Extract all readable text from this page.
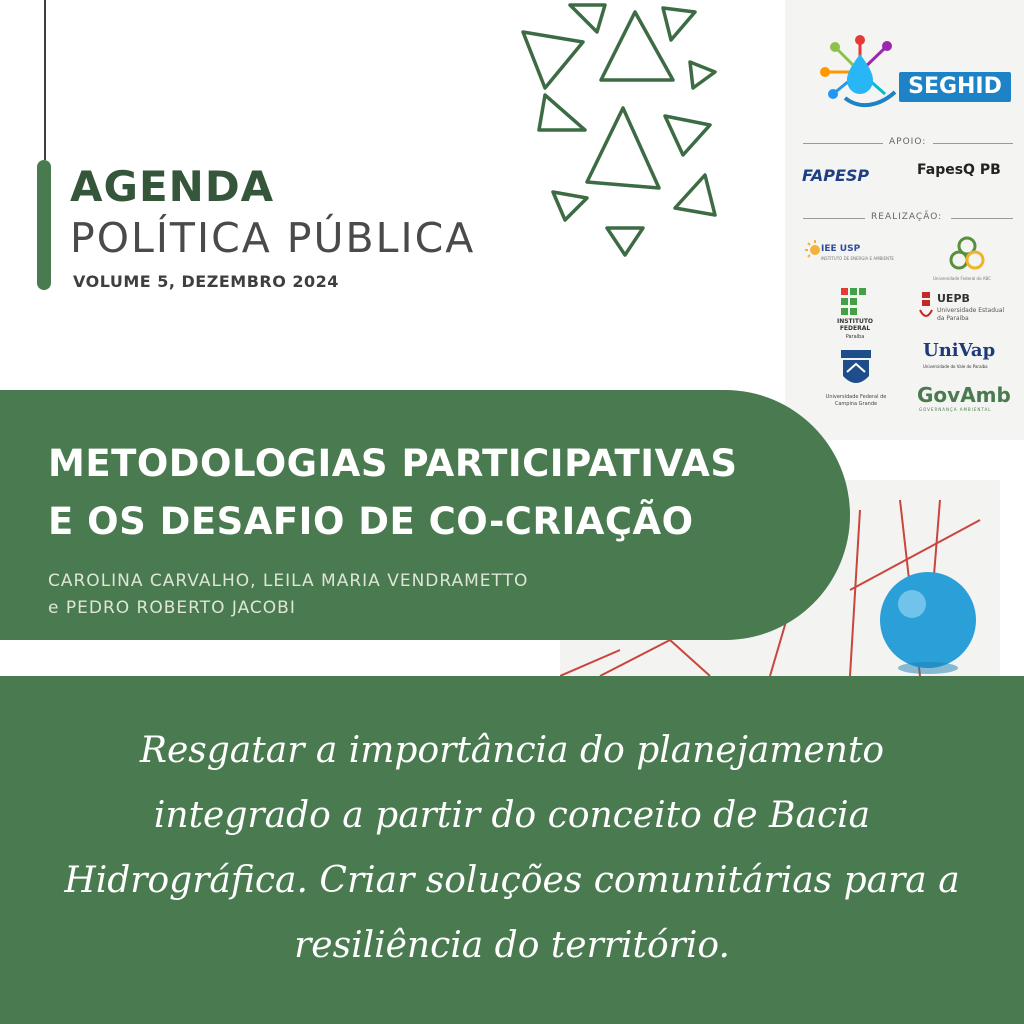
AGENDA
POLÍTICA PÚBLICA
VOLUME 5, DEZEMBRO 2024
SEGHID
APOIO:
FAPESP	FapesQ PB
REALIZAÇÃO:
IEE USP
INSTITUTO DE ENERGIA E AMBIENTE
Universidade Federal do ABC
INSTITUTO FEDERAL
Paraíba
UEPB
Universidade Estadual da Paraíba
Universidade Federal de Campina Grande
UniVap
Universidade do Vale do Paraíba
GovAmb
GOVERNANÇA AMBIENTAL
METODOLOGIAS PARTICIPATIVAS
E OS DESAFIO DE CO-CRIAÇÃO
CAROLINA CARVALHO, LEILA MARIA VENDRAMETTO
e PEDRO ROBERTO JACOBI
Resgatar a importância do planejamento
integrado a partir do conceito de Bacia
Hidrográfica. Criar soluções comunitárias para a
resiliência do território.
